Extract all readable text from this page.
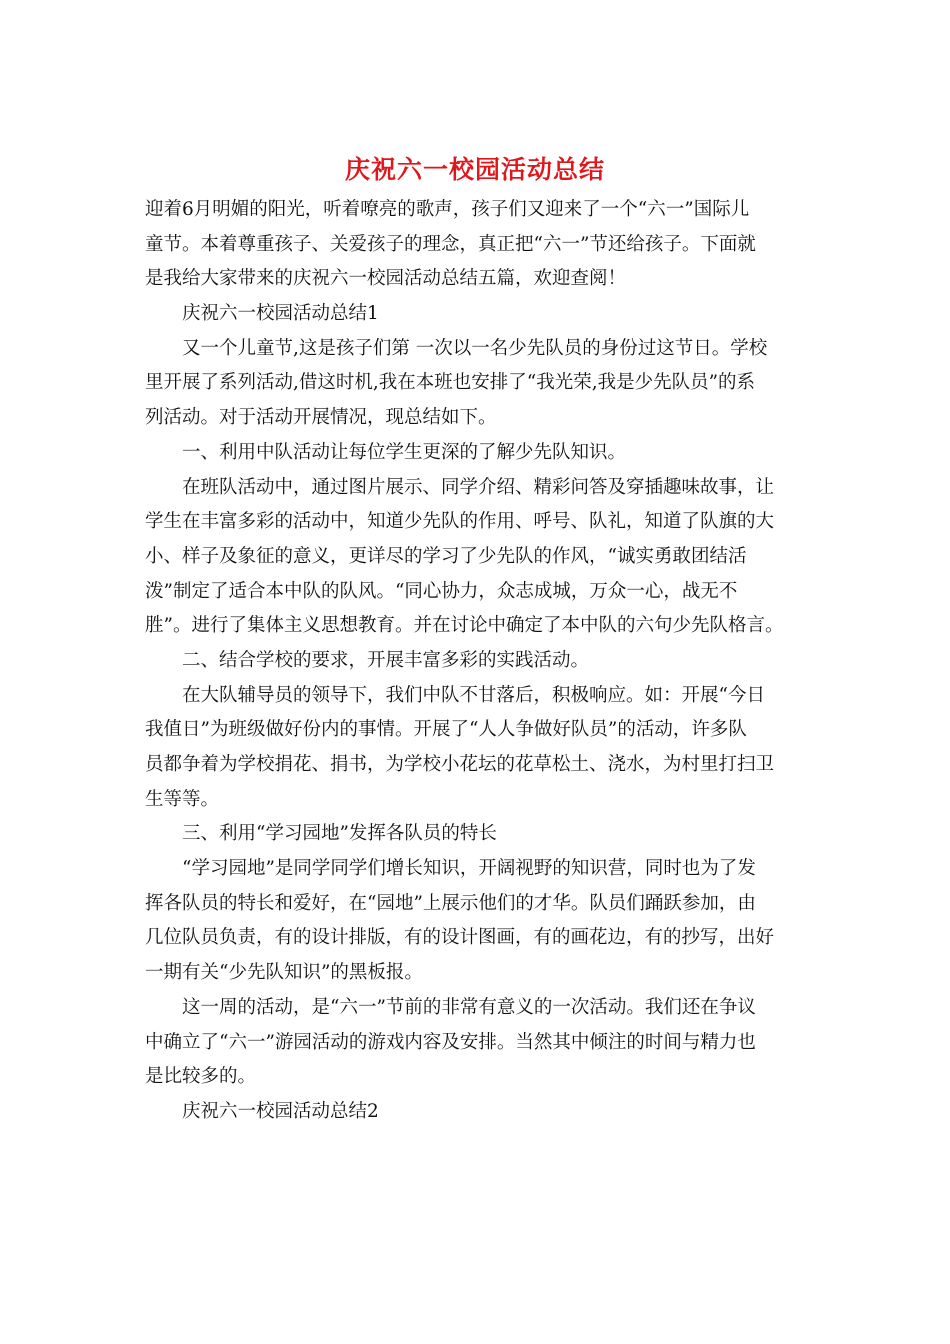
庆祝六一校园活动总结
迎着6月明媚的阳光，听着嘹亮的歌声，孩子们又迎来了一个“六一”国际儿
童节。本着尊重孩子、关爱孩子的理念，真正把“六一”节还给孩子。下面就
是我给大家带来的庆祝六一校园活动总结五篇，欢迎查阅！
庆祝六一校园活动总结1
又一个儿童节,这是孩子们第 一次以一名少先队员的身份过这节日。学校
里开展了系列活动,借这时机,我在本班也安排了“我光荣,我是少先队员”的系
列活动。对于活动开展情况，现总结如下。
一、利用中队活动让每位学生更深的了解少先队知识。
在班队活动中，通过图片展示、同学介绍、精彩问答及穿插趣味故事，让
学生在丰富多彩的活动中，知道少先队的作用、呼号、队礼，知道了队旗的大
小、样子及象征的意义，更详尽的学习了少先队的作风，“诚实勇敢团结活
泼”制定了适合本中队的队风。“同心协力，众志成城，万众一心，战无不
胜”。进行了集体主义思想教育。并在讨论中确定了本中队的六句少先队格言。
二、结合学校的要求，开展丰富多彩的实践活动。
在大队辅导员的领导下，我们中队不甘落后，积极响应。如：开展“今日
我值日”为班级做好份内的事情。开展了“人人争做好队员”的活动，许多队
员都争着为学校捐花、捐书，为学校小花坛的花草松土、浇水，为村里打扫卫
生等等。
三、利用“学习园地”发挥各队员的特长
“学习园地”是同学同学们增长知识，开阔视野的知识营，同时也为了发
挥各队员的特长和爱好，在“园地”上展示他们的才华。队员们踊跃参加，由
几位队员负责，有的设计排版，有的设计图画，有的画花边，有的抄写，出好
一期有关“少先队知识”的黑板报。
这一周的活动，是“六一”节前的非常有意义的一次活动。我们还在争议
中确立了“六一”游园活动的游戏内容及安排。当然其中倾注的时间与精力也
是比较多的。
庆祝六一校园活动总结2
